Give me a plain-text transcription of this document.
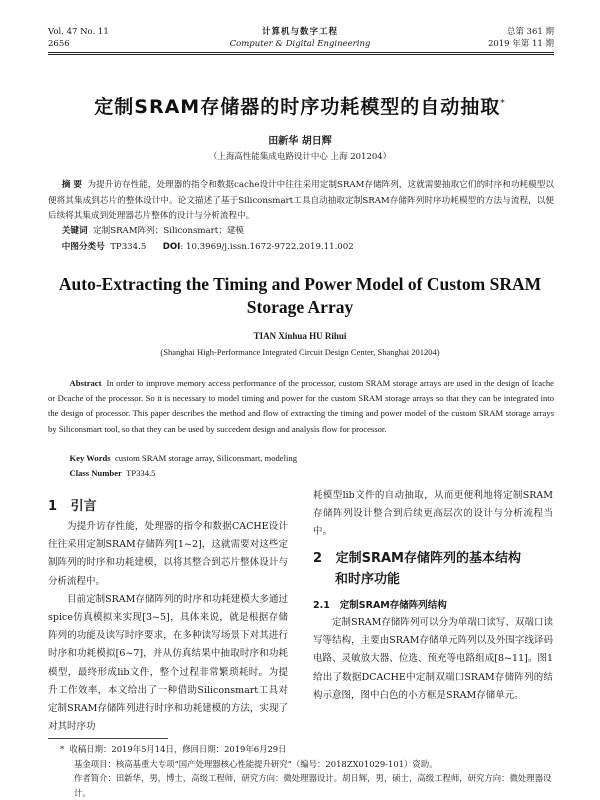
Vol. 47 No. 11
2656
计算机与数字工程
Computer & Digital Engineering
总第 361 期
2019 年第 11 期
定制SRAM存储器的时序功耗模型的自动抽取*
田新华 胡日辉
（上海高性能集成电路设计中心 上海 201204）
摘 要 为提升访存性能，处理器的指令和数据cache设计中往往采用定制SRAM存储阵列，这就需要抽取它们的时序和功耗模型以便将其集成到芯片的整体设计中。论文描述了基于Siliconsmart工具自动抽取定制SRAM存储阵列时序功耗模型的方法与流程，以便后续将其集成到处理器芯片整体的设计与分析流程中。
关键词 定制SRAM阵列；Siliconsmart；建模
中图分类号 TP334.5 DOI: 10.3969/j.issn.1672-9722.2019.11.002
Auto-Extracting the Timing and Power Model of Custom SRAM
Storage Array
TIAN Xinhua HU Rihui
(Shanghai High-Performance Integrated Circuit Design Center, Shanghai 201204)
Abstract In order to improve memory access performance of the processor, custom SRAM storage arrays are used in the design of Icache or Dcache of the processor. So it is necessary to model timing and power for the custom SRAM storage arrays so that they can be integrated into the design of processor. This paper describes the method and flow of extracting the timing and power model of the custom SRAM storage arrays by Siliconsmart tool, so that they can be used by succedent design and analysis flow for processor.
Key Words custom SRAM storage array, Siliconsmart, modeling
Class Number TP334.5
1 引言

为提升访存性能，处理器的指令和数据CACHE设计往往采用定制SRAM存储阵列[1~2]，这就需要对这些定制阵列的时序和功耗建模，以将其整合到芯片整体设计与分析流程中。

目前定制SRAM存储阵列的时序和功耗建模大多通过spice仿真模拟来实现[3~5]，具体来说，就是根据存储阵列的功能及读写时序要求，在多种读写场景下对其进行时序和功耗模拟[6~7]，并从仿真结果中抽取时序和功耗模型，最终形成lib文件，整个过程非常繁琐耗时。为提升工作效率，本文给出了一种借助Siliconsmart工具对定制SRAM存储阵列进行时序和功耗建模的方法，实现了对其时序功

耗模型lib文件的自动抽取，从而更便利地将定制SRAM存储阵列设计整合到后续更高层次的设计与分析流程当中。

2 定制SRAM存储阵列的基本结构
和时序功能
2.1 定制SRAM存储阵列结构

定制SRAM存储阵列可以分为单端口读写、双端口读写等结构，主要由SRAM存储单元阵列以及外围字线译码电路、灵敏放大器、位选、预充等电路组成[8~11]。图1给出了数据DCACHE中定制双端口SRAM存储阵列的结构示意图，图中白色的小方框是SRAM存储单元。

* 收稿日期：2019年5月14日，修回日期：2019年6月29日
基金项目：核高基重大专项“国产处理器核心性能提升研究”（编号：2018ZX01029-101）资助。
作者简介：田新华，男，博士，高级工程师，研究方向：微处理器设计。胡日辉，男，硕士，高级工程师，研究方向：微处理器设计。
